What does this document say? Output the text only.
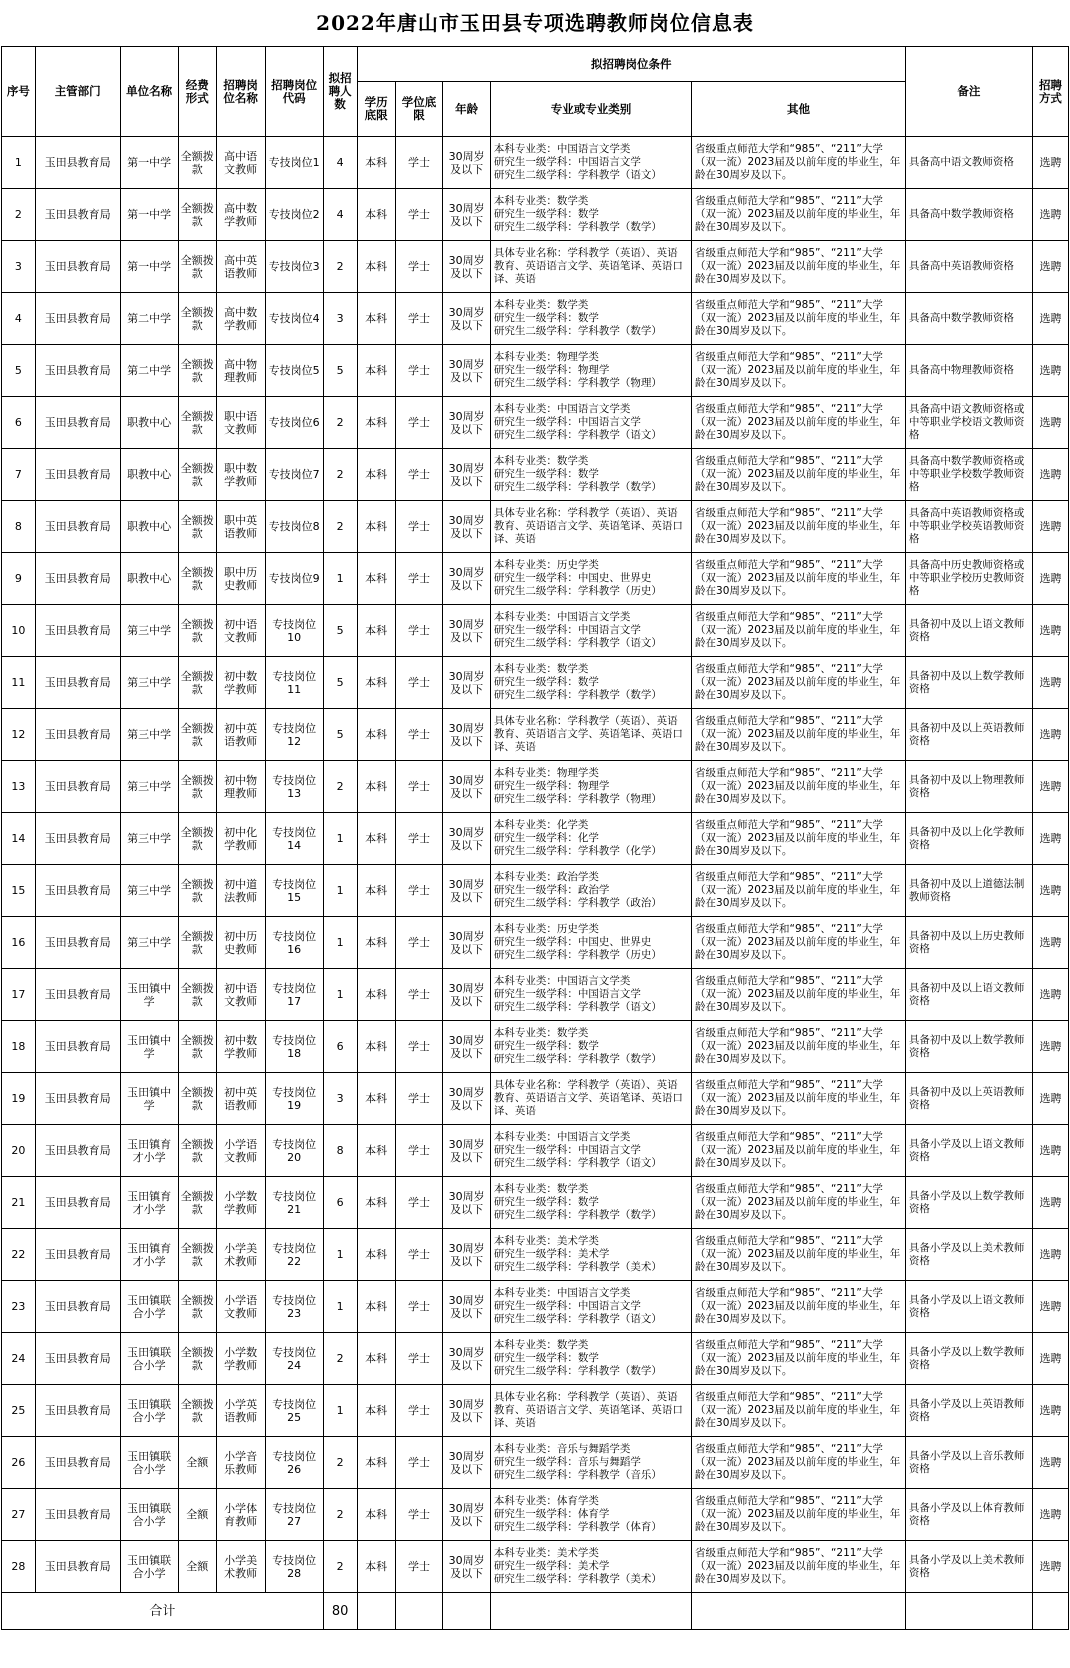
2022年唐山市玉田县专项选聘教师岗位信息表
序号	主管部门	单位名称	经费形式	招聘岗位名称	招聘岗位代码	拟招聘人数	拟招聘岗位条件					备注	招聘方式
							学历底限	学位底限	年龄	专业或专业类别	其他		
1	玉田县教育局	第一中学	全额拨款	高中语文教师	专技岗位1	4	本科	学士	30周岁及以下	本科专业类：中国语言文学类
研究生一级学科：中国语言文学
研究生二级学科：学科教学（语文）	省级重点师范大学和“985”、“211”大学（双一流）2023届及以前年度的毕业生，年龄在30周岁及以下。	具备高中语文教师资格	选聘
2	玉田县教育局	第一中学	全额拨款	高中数学教师	专技岗位2	4	本科	学士	30周岁及以下	本科专业类：数学类
研究生一级学科：数学
研究生二级学科：学科教学（数学）	省级重点师范大学和“985”、“211”大学（双一流）2023届及以前年度的毕业生，年龄在30周岁及以下。	具备高中数学教师资格	选聘
3	玉田县教育局	第一中学	全额拨款	高中英语教师	专技岗位3	2	本科	学士	30周岁及以下	具体专业名称：学科教学（英语）、英语教育、英语语言文学、英语笔译、英语口译、英语	省级重点师范大学和“985”、“211”大学（双一流）2023届及以前年度的毕业生，年龄在30周岁及以下。	具备高中英语教师资格	选聘
4	玉田县教育局	第二中学	全额拨款	高中数学教师	专技岗位4	3	本科	学士	30周岁及以下	本科专业类：数学类
研究生一级学科：数学
研究生二级学科：学科教学（数学）	省级重点师范大学和“985”、“211”大学（双一流）2023届及以前年度的毕业生，年龄在30周岁及以下。	具备高中数学教师资格	选聘
5	玉田县教育局	第二中学	全额拨款	高中物理教师	专技岗位5	5	本科	学士	30周岁及以下	本科专业类：物理学类
研究生一级学科：物理学
研究生二级学科：学科教学（物理）	省级重点师范大学和“985”、“211”大学（双一流）2023届及以前年度的毕业生，年龄在30周岁及以下。	具备高中物理教师资格	选聘
6	玉田县教育局	职教中心	全额拨款	职中语文教师	专技岗位6	2	本科	学士	30周岁及以下	本科专业类：中国语言文学类
研究生一级学科：中国语言文学
研究生二级学科：学科教学（语文）	省级重点师范大学和“985”、“211”大学（双一流）2023届及以前年度的毕业生，年龄在30周岁及以下。	具备高中语文教师资格或中等职业学校语文教师资格	选聘
7	玉田县教育局	职教中心	全额拨款	职中数学教师	专技岗位7	2	本科	学士	30周岁及以下	本科专业类：数学类
研究生一级学科：数学
研究生二级学科：学科教学（数学）	省级重点师范大学和“985”、“211”大学（双一流）2023届及以前年度的毕业生，年龄在30周岁及以下。	具备高中数学教师资格或中等职业学校数学教师资格	选聘
8	玉田县教育局	职教中心	全额拨款	职中英语教师	专技岗位8	2	本科	学士	30周岁及以下	具体专业名称：学科教学（英语）、英语教育、英语语言文学、英语笔译、英语口译、英语	省级重点师范大学和“985”、“211”大学（双一流）2023届及以前年度的毕业生，年龄在30周岁及以下。	具备高中英语教师资格或中等职业学校英语教师资格	选聘
9	玉田县教育局	职教中心	全额拨款	职中历史教师	专技岗位9	1	本科	学士	30周岁及以下	本科专业类：历史学类
研究生一级学科：中国史、世界史
研究生二级学科：学科教学（历史）	省级重点师范大学和“985”、“211”大学（双一流）2023届及以前年度的毕业生，年龄在30周岁及以下。	具备高中历史教师资格或中等职业学校历史教师资格	选聘
10	玉田县教育局	第三中学	全额拨款	初中语文教师	专技岗位10	5	本科	学士	30周岁及以下	本科专业类：中国语言文学类
研究生一级学科：中国语言文学
研究生二级学科：学科教学（语文）	省级重点师范大学和“985”、“211”大学（双一流）2023届及以前年度的毕业生，年龄在30周岁及以下。	具备初中及以上语文教师资格	选聘
11	玉田县教育局	第三中学	全额拨款	初中数学教师	专技岗位11	5	本科	学士	30周岁及以下	本科专业类：数学类
研究生一级学科：数学
研究生二级学科：学科教学（数学）	省级重点师范大学和“985”、“211”大学（双一流）2023届及以前年度的毕业生，年龄在30周岁及以下。	具备初中及以上数学教师资格	选聘
12	玉田县教育局	第三中学	全额拨款	初中英语教师	专技岗位12	5	本科	学士	30周岁及以下	具体专业名称：学科教学（英语）、英语教育、英语语言文学、英语笔译、英语口译、英语	省级重点师范大学和“985”、“211”大学（双一流）2023届及以前年度的毕业生，年龄在30周岁及以下。	具备初中及以上英语教师资格	选聘
13	玉田县教育局	第三中学	全额拨款	初中物理教师	专技岗位13	2	本科	学士	30周岁及以下	本科专业类：物理学类
研究生一级学科：物理学
研究生二级学科：学科教学（物理）	省级重点师范大学和“985”、“211”大学（双一流）2023届及以前年度的毕业生，年龄在30周岁及以下。	具备初中及以上物理教师资格	选聘
14	玉田县教育局	第三中学	全额拨款	初中化学教师	专技岗位14	1	本科	学士	30周岁及以下	本科专业类：化学类
研究生一级学科：化学
研究生二级学科：学科教学（化学）	省级重点师范大学和“985”、“211”大学（双一流）2023届及以前年度的毕业生，年龄在30周岁及以下。	具备初中及以上化学教师资格	选聘
15	玉田县教育局	第三中学	全额拨款	初中道法教师	专技岗位15	1	本科	学士	30周岁及以下	本科专业类：政治学类
研究生一级学科：政治学
研究生二级学科：学科教学（政治）	省级重点师范大学和“985”、“211”大学（双一流）2023届及以前年度的毕业生，年龄在30周岁及以下。	具备初中及以上道德法制教师资格	选聘
16	玉田县教育局	第三中学	全额拨款	初中历史教师	专技岗位16	1	本科	学士	30周岁及以下	本科专业类：历史学类
研究生一级学科：中国史、世界史
研究生二级学科：学科教学（历史）	省级重点师范大学和“985”、“211”大学（双一流）2023届及以前年度的毕业生，年龄在30周岁及以下。	具备初中及以上历史教师资格	选聘
17	玉田县教育局	玉田镇中学	全额拨款	初中语文教师	专技岗位17	1	本科	学士	30周岁及以下	本科专业类：中国语言文学类
研究生一级学科：中国语言文学
研究生二级学科：学科教学（语文）	省级重点师范大学和“985”、“211”大学（双一流）2023届及以前年度的毕业生，年龄在30周岁及以下。	具备初中及以上语文教师资格	选聘
18	玉田县教育局	玉田镇中学	全额拨款	初中数学教师	专技岗位18	6	本科	学士	30周岁及以下	本科专业类：数学类
研究生一级学科：数学
研究生二级学科：学科教学（数学）	省级重点师范大学和“985”、“211”大学（双一流）2023届及以前年度的毕业生，年龄在30周岁及以下。	具备初中及以上数学教师资格	选聘
19	玉田县教育局	玉田镇中学	全额拨款	初中英语教师	专技岗位19	3	本科	学士	30周岁及以下	具体专业名称：学科教学（英语）、英语教育、英语语言文学、英语笔译、英语口译、英语	省级重点师范大学和“985”、“211”大学（双一流）2023届及以前年度的毕业生，年龄在30周岁及以下。	具备初中及以上英语教师资格	选聘
20	玉田县教育局	玉田镇育才小学	全额拨款	小学语文教师	专技岗位20	8	本科	学士	30周岁及以下	本科专业类：中国语言文学类
研究生一级学科：中国语言文学
研究生二级学科：学科教学（语文）	省级重点师范大学和“985”、“211”大学（双一流）2023届及以前年度的毕业生，年龄在30周岁及以下。	具备小学及以上语文教师资格	选聘
21	玉田县教育局	玉田镇育才小学	全额拨款	小学数学教师	专技岗位21	6	本科	学士	30周岁及以下	本科专业类：数学类
研究生一级学科：数学
研究生二级学科：学科教学（数学）	省级重点师范大学和“985”、“211”大学（双一流）2023届及以前年度的毕业生，年龄在30周岁及以下。	具备小学及以上数学教师资格	选聘
22	玉田县教育局	玉田镇育才小学	全额拨款	小学美术教师	专技岗位22	1	本科	学士	30周岁及以下	本科专业类：美术学类
研究生一级学科：美术学
研究生二级学科：学科教学（美术）	省级重点师范大学和“985”、“211”大学（双一流）2023届及以前年度的毕业生，年龄在30周岁及以下。	具备小学及以上美术教师资格	选聘
23	玉田县教育局	玉田镇联合小学	全额拨款	小学语文教师	专技岗位23	1	本科	学士	30周岁及以下	本科专业类：中国语言文学类
研究生一级学科：中国语言文学
研究生二级学科：学科教学（语文）	省级重点师范大学和“985”、“211”大学（双一流）2023届及以前年度的毕业生，年龄在30周岁及以下。	具备小学及以上语文教师资格	选聘
24	玉田县教育局	玉田镇联合小学	全额拨款	小学数学教师	专技岗位24	2	本科	学士	30周岁及以下	本科专业类：数学类
研究生一级学科：数学
研究生二级学科：学科教学（数学）	省级重点师范大学和“985”、“211”大学（双一流）2023届及以前年度的毕业生，年龄在30周岁及以下。	具备小学及以上数学教师资格	选聘
25	玉田县教育局	玉田镇联合小学	全额拨款	小学英语教师	专技岗位25	1	本科	学士	30周岁及以下	具体专业名称：学科教学（英语）、英语教育、英语语言文学、英语笔译、英语口译、英语	省级重点师范大学和“985”、“211”大学（双一流）2023届及以前年度的毕业生，年龄在30周岁及以下。	具备小学及以上英语教师资格	选聘
26	玉田县教育局	玉田镇联合小学	全额	小学音乐教师	专技岗位26	2	本科	学士	30周岁及以下	本科专业类：音乐与舞蹈学类
研究生一级学科：音乐与舞蹈学
研究生二级学科：学科教学（音乐）	省级重点师范大学和“985”、“211”大学（双一流）2023届及以前年度的毕业生，年龄在30周岁及以下。	具备小学及以上音乐教师资格	选聘
27	玉田县教育局	玉田镇联合小学	全额	小学体育教师	专技岗位27	2	本科	学士	30周岁及以下	本科专业类：体育学类
研究生一级学科：体育学
研究生二级学科：学科教学（体育）	省级重点师范大学和“985”、“211”大学（双一流）2023届及以前年度的毕业生，年龄在30周岁及以下。	具备小学及以上体育教师资格	选聘
28	玉田县教育局	玉田镇联合小学	全额	小学美术教师	专技岗位28	2	本科	学士	30周岁及以下	本科专业类：美术学类
研究生一级学科：美术学
研究生二级学科：学科教学（美术）	省级重点师范大学和“985”、“211”大学（双一流）2023届及以前年度的毕业生，年龄在30周岁及以下。	具备小学及以上美术教师资格	选聘
合计						80							
